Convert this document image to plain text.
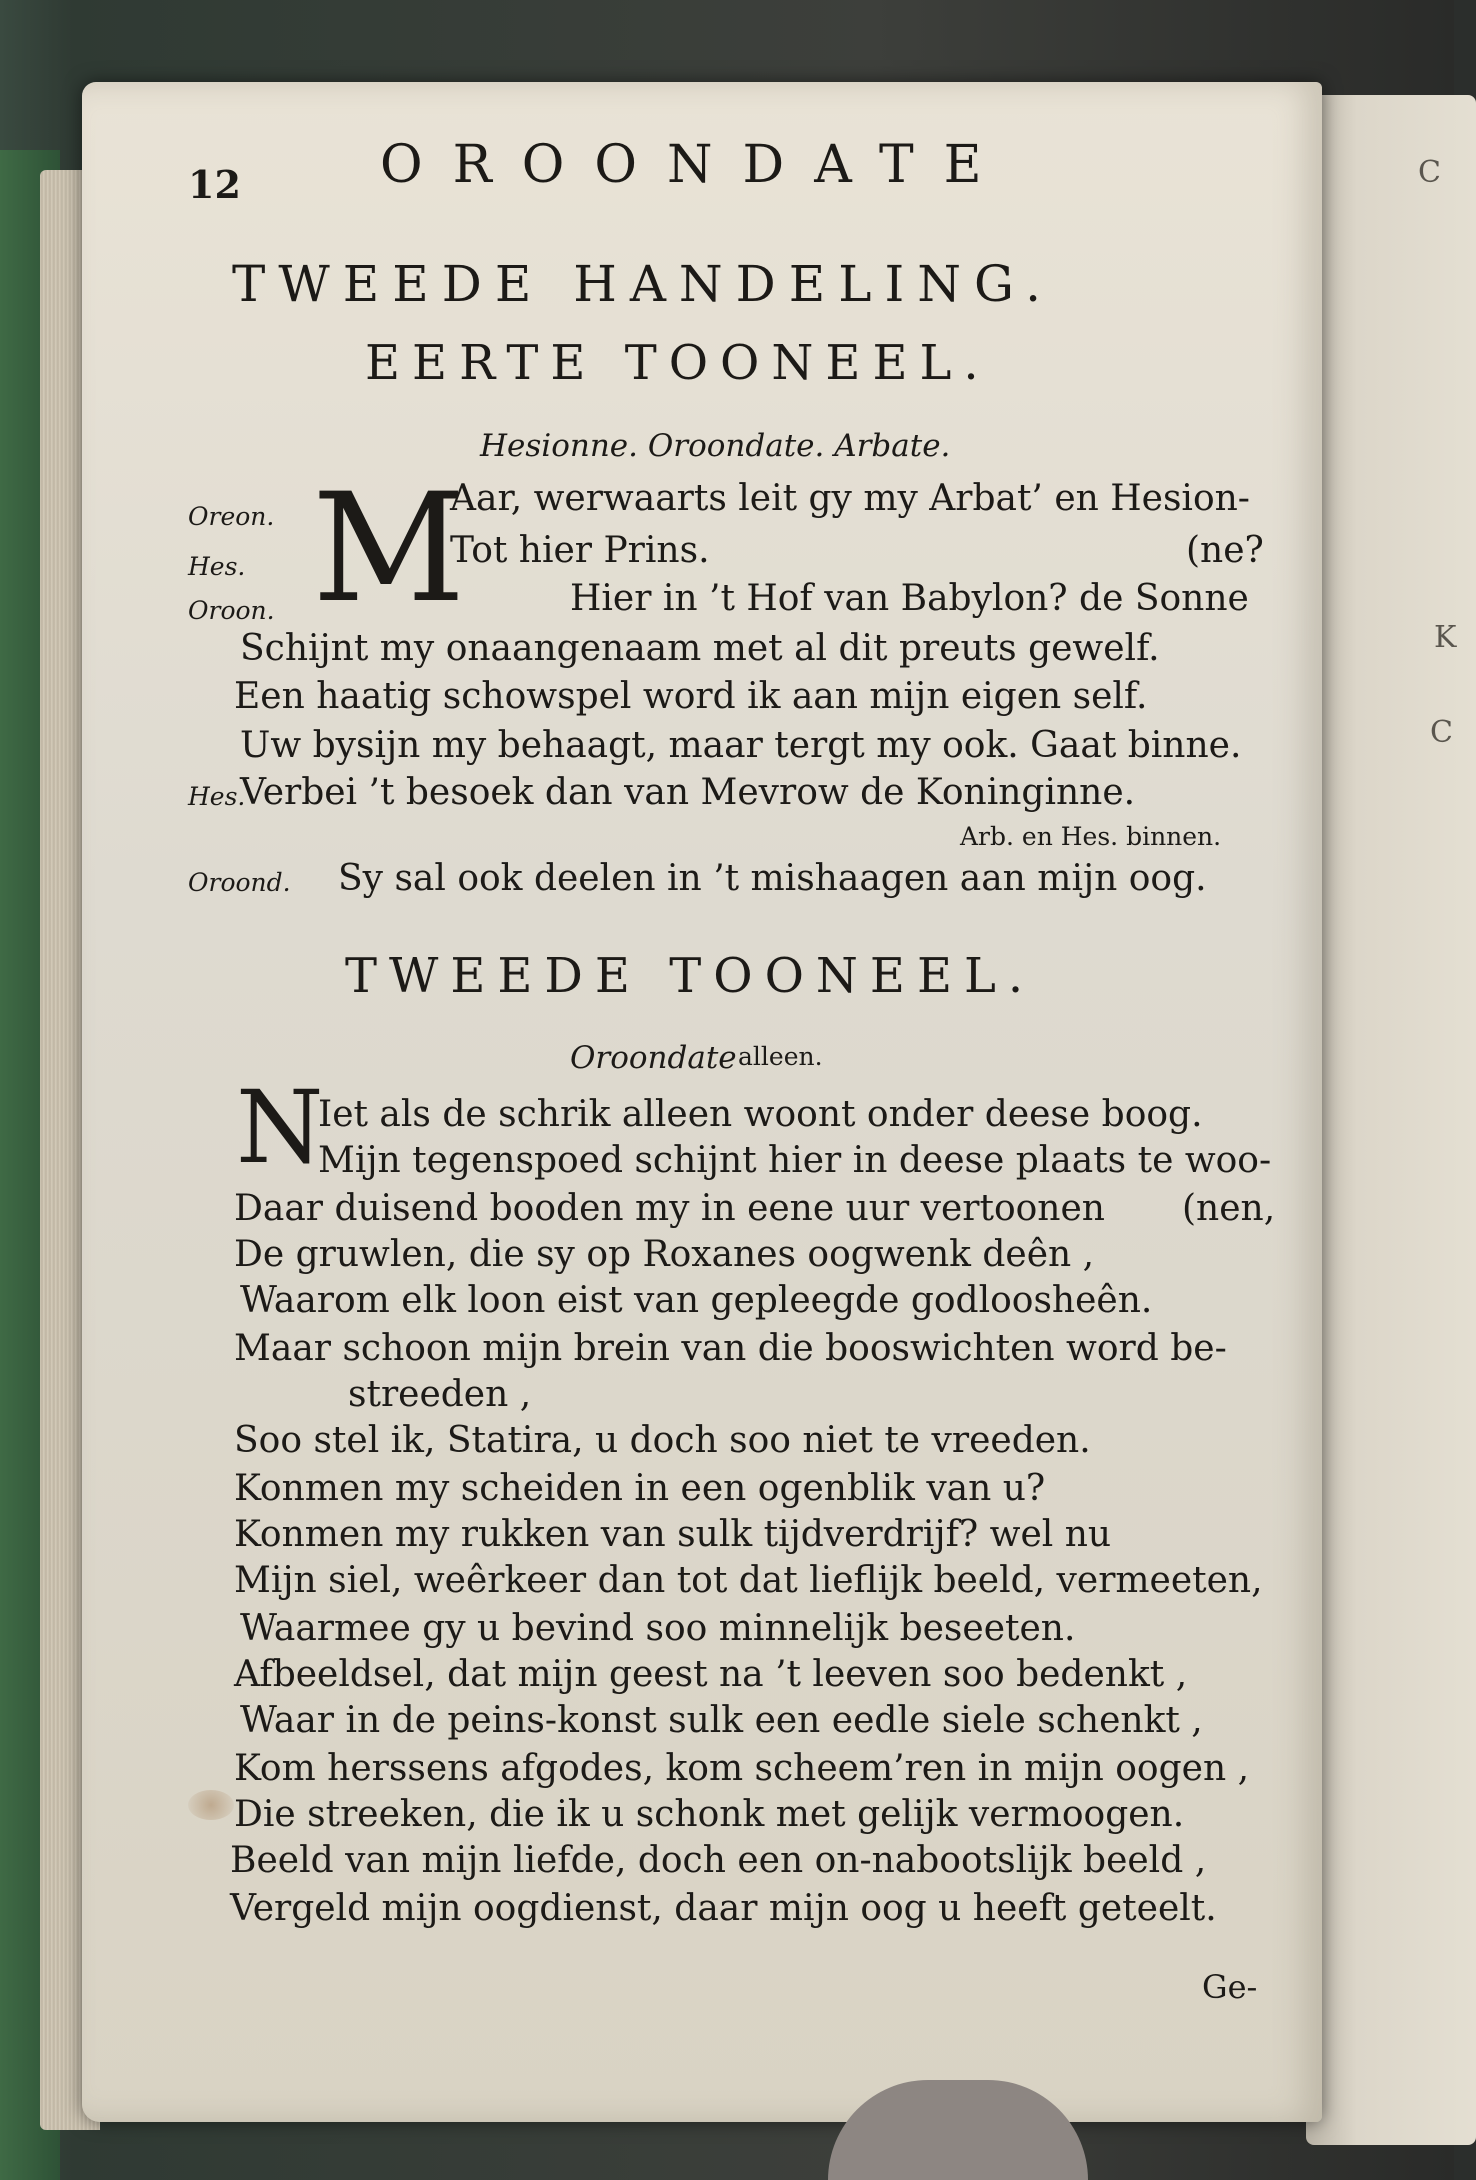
C
K
C
12	OROONDATE
TWEEDE HANDELING.
EERTE TOONEEL.
Hesionne. Oroondate. Arbate.
Oreon.
Hes.
Oroon. M
Aar, werwaarts leit gy my Arbat’ en Hesion-
Tot hier Prins.	(ne?
Hier in ’t Hof van Babylon? de Sonne
Schijnt my onaangenaam met al dit preuts gewelf.
Een haatig schowspel word ik aan mijn eigen self.
Uw bysijn my behaagt, maar tergt my ook. Gaat binne.
Hes.
Verbei ’t besoek dan van Mevrow de Koninginne.
Arb. en Hes. binnen.
Oroond. Sy sal ook deelen in ’t mishaagen aan mijn oog.
TWEEDE TOONEEL.
Oroondate alleen.
N
Iet als de schrik alleen woont onder deese boog.
Mijn tegenspoed schijnt hier in deese plaats te woo-
Daar duisend booden my in eene uur vertoonen (nen,
De gruwlen, die sy op Roxanes oogwenk deên ,
Waarom elk loon eist van gepleegde godloosheên.
Maar schoon mijn brein van die booswichten word be-
streeden ,
Soo stel ik, Statira, u doch soo niet te vreeden.
Konmen my scheiden in een ogenblik van u?
Konmen my rukken van sulk tijdverdrijf? wel nu
Mijn siel, weêrkeer dan tot dat lieflijk beeld, vermeeten,
Waarmee gy u bevind soo minnelijk beseeten.
Afbeeldsel, dat mijn geest na ’t leeven soo bedenkt ,
Waar in de peins-konst sulk een eedle siele schenkt ,
Kom herssens afgodes, kom scheem’ren in mijn oogen ,
Die streeken, die ik u schonk met gelijk vermoogen.
Beeld van mijn liefde, doch een on-nabootslijk beeld ,
Vergeld mijn oogdienst, daar mijn oog u heeft geteelt.
Ge-
